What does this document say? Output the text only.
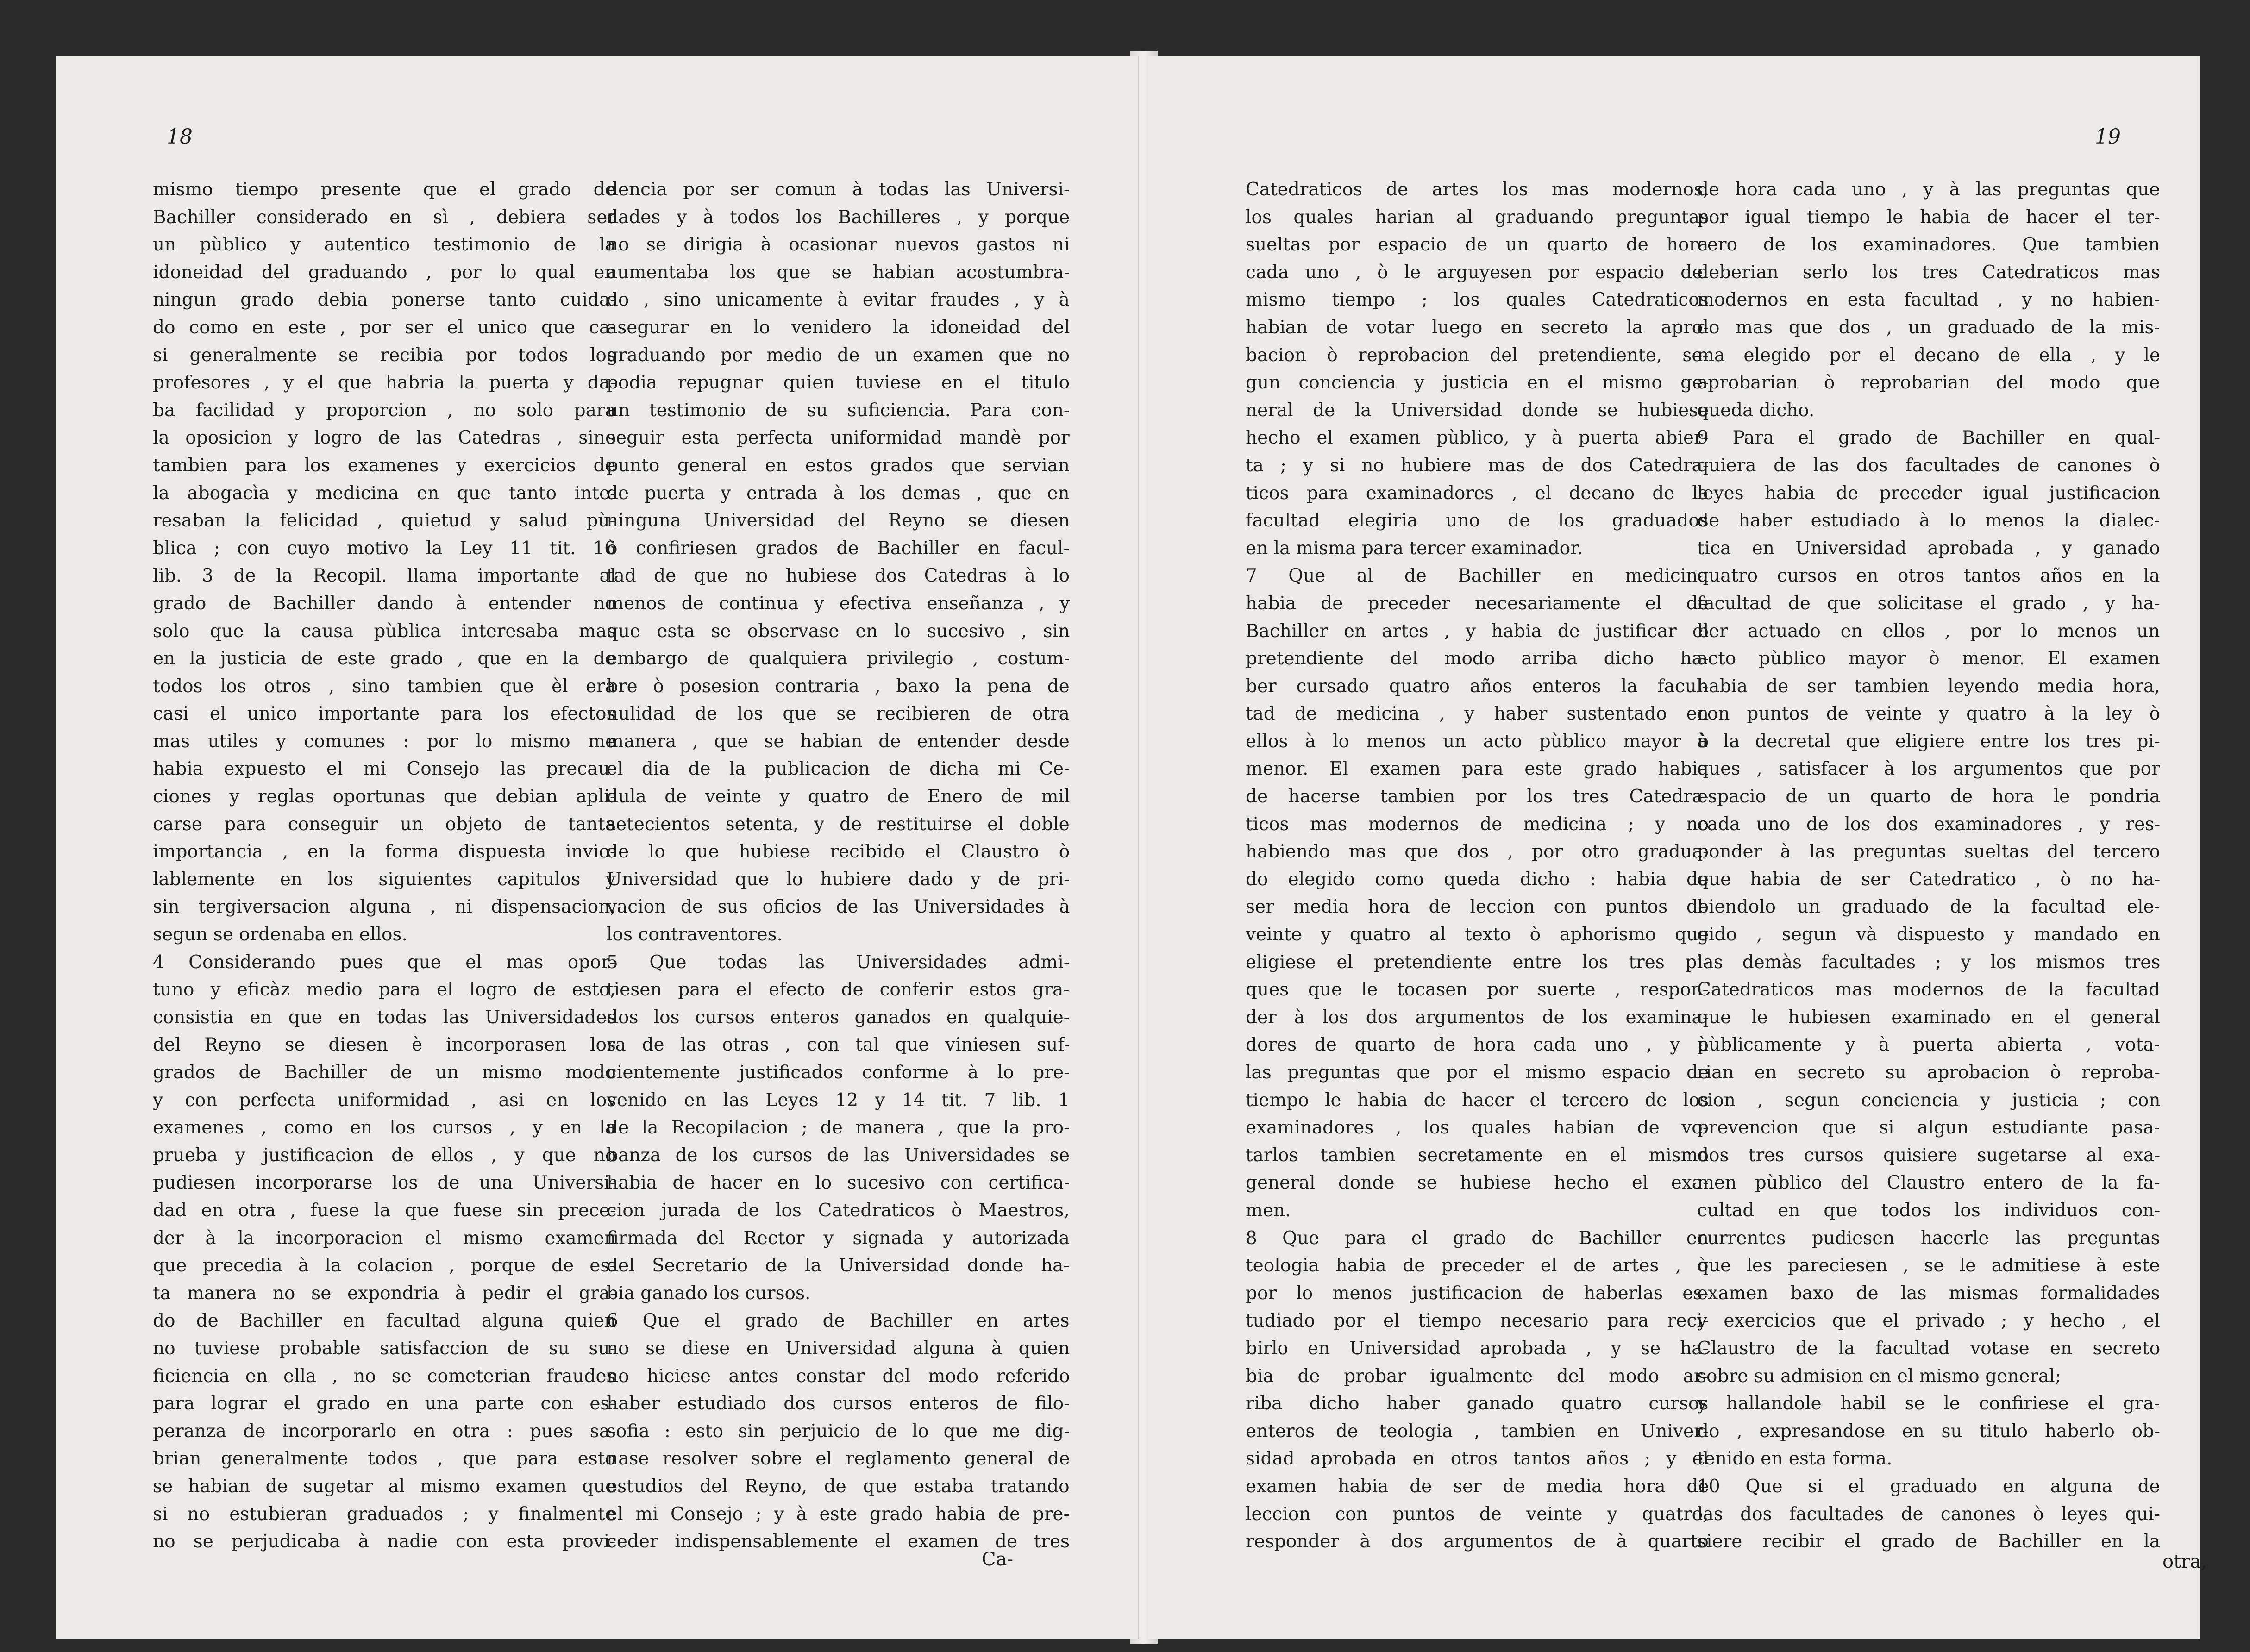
18
mismo tiempo presente que el grado de
Bachiller considerado en sì , debiera ser
un pùblico y autentico testimonio de la
idoneidad del graduando , por lo qual en
ningun grado debia ponerse tanto cuida-
do como en este , por ser el unico que ca-
si generalmente se recibia por todos los
profesores , y el que habria la puerta y da-
ba facilidad y proporcion , no solo para
la oposicion y logro de las Catedras , sino
tambien para los examenes y exercicios de
la abogacìa y medicina en que tanto inte-
resaban la felicidad , quietud y salud pù-
blica ; con cuyo motivo la Ley 11 tit. 16
lib. 3 de la Recopil. llama importante al
grado de Bachiller dando à entender no
solo que la causa pùblica interesaba mas
en la justicia de este grado , que en la de
todos los otros , sino tambien que èl era
casi el unico importante para los efectos
mas utiles y comunes : por lo mismo me
habia expuesto el mi Consejo las precau-
ciones y reglas oportunas que debian apli-
carse para conseguir un objeto de tanta
importancia , en la forma dispuesta invio-
lablemente en los siguientes capitulos y
sin tergiversacion alguna , ni dispensacion,
segun se ordenaba en ellos.
4 Considerando pues que el mas opor-
tuno y eficàz medio para el logro de esto,
consistia en que en todas las Universidades
del Reyno se diesen è incorporasen los
grados de Bachiller de un mismo modo
y con perfecta uniformidad , asi en los
examenes , como en los cursos , y en la
prueba y justificacion de ellos , y que no
pudiesen incorporarse los de una Universi-
dad en otra , fuese la que fuese sin prece-
der à la incorporacion el mismo examen
que precedia à la colacion , porque de es-
ta manera no se expondria à pedir el gra-
do de Bachiller en facultad alguna quien
no tuviese probable satisfaccion de su su-
ficiencia en ella , no se cometerian fraudes
para lograr el grado en una parte con es-
peranza de incorporarlo en otra : pues sa-
brian generalmente todos , que para esto
se habian de sugetar al mismo examen que
si no estubieran graduados ; y finalmente
no se perjudicaba à nadie con esta provi-
dencia por ser comun à todas las Universi-
dades y à todos los Bachilleres , y porque
no se dirigia à ocasionar nuevos gastos ni
aumentaba los que se habian acostumbra-
do , sino unicamente à evitar fraudes , y à
asegurar en lo venidero la idoneidad del
graduando por medio de un examen que no
podia repugnar quien tuviese en el titulo
un testimonio de su suficiencia. Para con-
seguir esta perfecta uniformidad mandè por
punto general en estos grados que servian
de puerta y entrada à los demas , que en
ninguna Universidad del Reyno se diesen
ò confiriesen grados de Bachiller en facul-
tad de que no hubiese dos Catedras à lo
menos de continua y efectiva enseñanza , y
que esta se observase en lo sucesivo , sin
embargo de qualquiera privilegio , costum-
bre ò posesion contraria , baxo la pena de
nulidad de los que se recibieren de otra
manera , que se habian de entender desde
el dia de la publicacion de dicha mi Ce-
dula de veinte y quatro de Enero de mil
setecientos setenta, y de restituirse el doble
de lo que hubiese recibido el Claustro ò
Universidad que lo hubiere dado y de pri-
vacion de sus oficios de las Universidades à
los contraventores.
5 Que todas las Universidades admi-
tiesen para el efecto de conferir estos gra-
dos los cursos enteros ganados en qualquie-
ra de las otras , con tal que viniesen suf-
cientemente justificados conforme à lo pre-
venido en las Leyes 12 y 14 tit. 7 lib. 1
de la Recopilacion ; de manera , que la pro-
banza de los cursos de las Universidades se
habia de hacer en lo sucesivo con certifica-
cion jurada de los Catedraticos ò Maestros,
firmada del Rector y signada y autorizada
del Secretario de la Universidad donde ha-
bia ganado los cursos.
6 Que el grado de Bachiller en artes
no se diese en Universidad alguna à quien
no hiciese antes constar del modo referido
haber estudiado dos cursos enteros de filo-
sofia : esto sin perjuicio de lo que me dig-
nase resolver sobre el reglamento general de
estudios del Reyno, de que estaba tratando
el mi Consejo ; y à este grado habia de pre-
ceder indispensablemente el examen de tres
Ca-
19
Catedraticos de artes los mas modernos,
los quales harian al graduando preguntas
sueltas por espacio de un quarto de hora
cada uno , ò le arguyesen por espacio del
mismo tiempo ; los quales Catedraticos
habian de votar luego en secreto la apro-
bacion ò reprobacion del pretendiente, se-
gun conciencia y justicia en el mismo ge-
neral de la Universidad donde se hubiese
hecho el examen pùblico, y à puerta abier-
ta ; y si no hubiere mas de dos Catedra-
ticos para examinadores , el decano de la
facultad elegiria uno de los graduados
en la misma para tercer examinador.
7 Que al de Bachiller en medicina
habia de preceder necesariamente el de
Bachiller en artes , y habia de justificar el
pretendiente del modo arriba dicho ha-
ber cursado quatro años enteros la facul-
tad de medicina , y haber sustentado en
ellos à lo menos un acto pùblico mayor ò
menor. El examen para este grado habia
de hacerse tambien por los tres Catedra-
ticos mas modernos de medicina ; y no
habiendo mas que dos , por otro gradua-
do elegido como queda dicho : habia de
ser media hora de leccion con puntos de
veinte y quatro al texto ò aphorismo que
eligiese el pretendiente entre los tres pi-
ques que le tocasen por suerte , respon-
der à los dos argumentos de los examina-
dores de quarto de hora cada uno , y à
las preguntas que por el mismo espacio de
tiempo le habia de hacer el tercero de los
examinadores , los quales habian de vo-
tarlos tambien secretamente en el mismo
general donde se hubiese hecho el exa-
men.
8 Que para el grado de Bachiller en
teologia habia de preceder el de artes , ò
por lo menos justificacion de haberlas es-
tudiado por el tiempo necesario para reci-
birlo en Universidad aprobada , y se ha-
bia de probar igualmente del modo ar-
riba dicho haber ganado quatro cursos
enteros de teologia , tambien en Univer-
sidad aprobada en otros tantos años ; y el
examen habia de ser de media hora de
leccion con puntos de veinte y quatro,
responder à dos argumentos de à quarto
de hora cada uno , y à las preguntas que
por igual tiempo le habia de hacer el ter-
cero de los examinadores. Que tambien
deberian serlo los tres Catedraticos mas
modernos en esta facultad , y no habien-
do mas que dos , un graduado de la mis-
ma elegido por el decano de ella , y le
aprobarian ò reprobarian del modo que
queda dicho.
9 Para el grado de Bachiller en qual-
quiera de las dos facultades de canones ò
leyes habia de preceder igual justificacion
de haber estudiado à lo menos la dialec-
tica en Universidad aprobada , y ganado
quatro cursos en otros tantos años en la
facultad de que solicitase el grado , y ha-
ber actuado en ellos , por lo menos un
acto pùblico mayor ò menor. El examen
habia de ser tambien leyendo media hora,
con puntos de veinte y quatro à la ley ò
à la decretal que eligiere entre los tres pi-
ques , satisfacer à los argumentos que por
espacio de un quarto de hora le pondria
cada uno de los dos examinadores , y res-
ponder à las preguntas sueltas del tercero
que habia de ser Catedratico , ò no ha-
biendolo un graduado de la facultad ele-
gido , segun và dispuesto y mandado en
las demàs facultades ; y los mismos tres
Catedraticos mas modernos de la facultad
que le hubiesen examinado en el general
pùblicamente y à puerta abierta , vota-
rian en secreto su aprobacion ò reproba-
cion , segun conciencia y justicia ; con
prevencion que si algun estudiante pasa-
dos tres cursos quisiere sugetarse al exa-
men pùblico del Claustro entero de la fa-
cultad en que todos los individuos con-
currentes pudiesen hacerle las preguntas
que les pareciesen , se le admitiese à este
examen baxo de las mismas formalidades
y exercicios que el privado ; y hecho , el
Claustro de la facultad votase en secreto
sobre su admision en el mismo general;
y hallandole habil se le confiriese el gra-
do , expresandose en su titulo haberlo ob-
tenido en esta forma.
10 Que si el graduado en alguna de
las dos facultades de canones ò leyes qui-
siere recibir el grado de Bachiller en la
otra,
